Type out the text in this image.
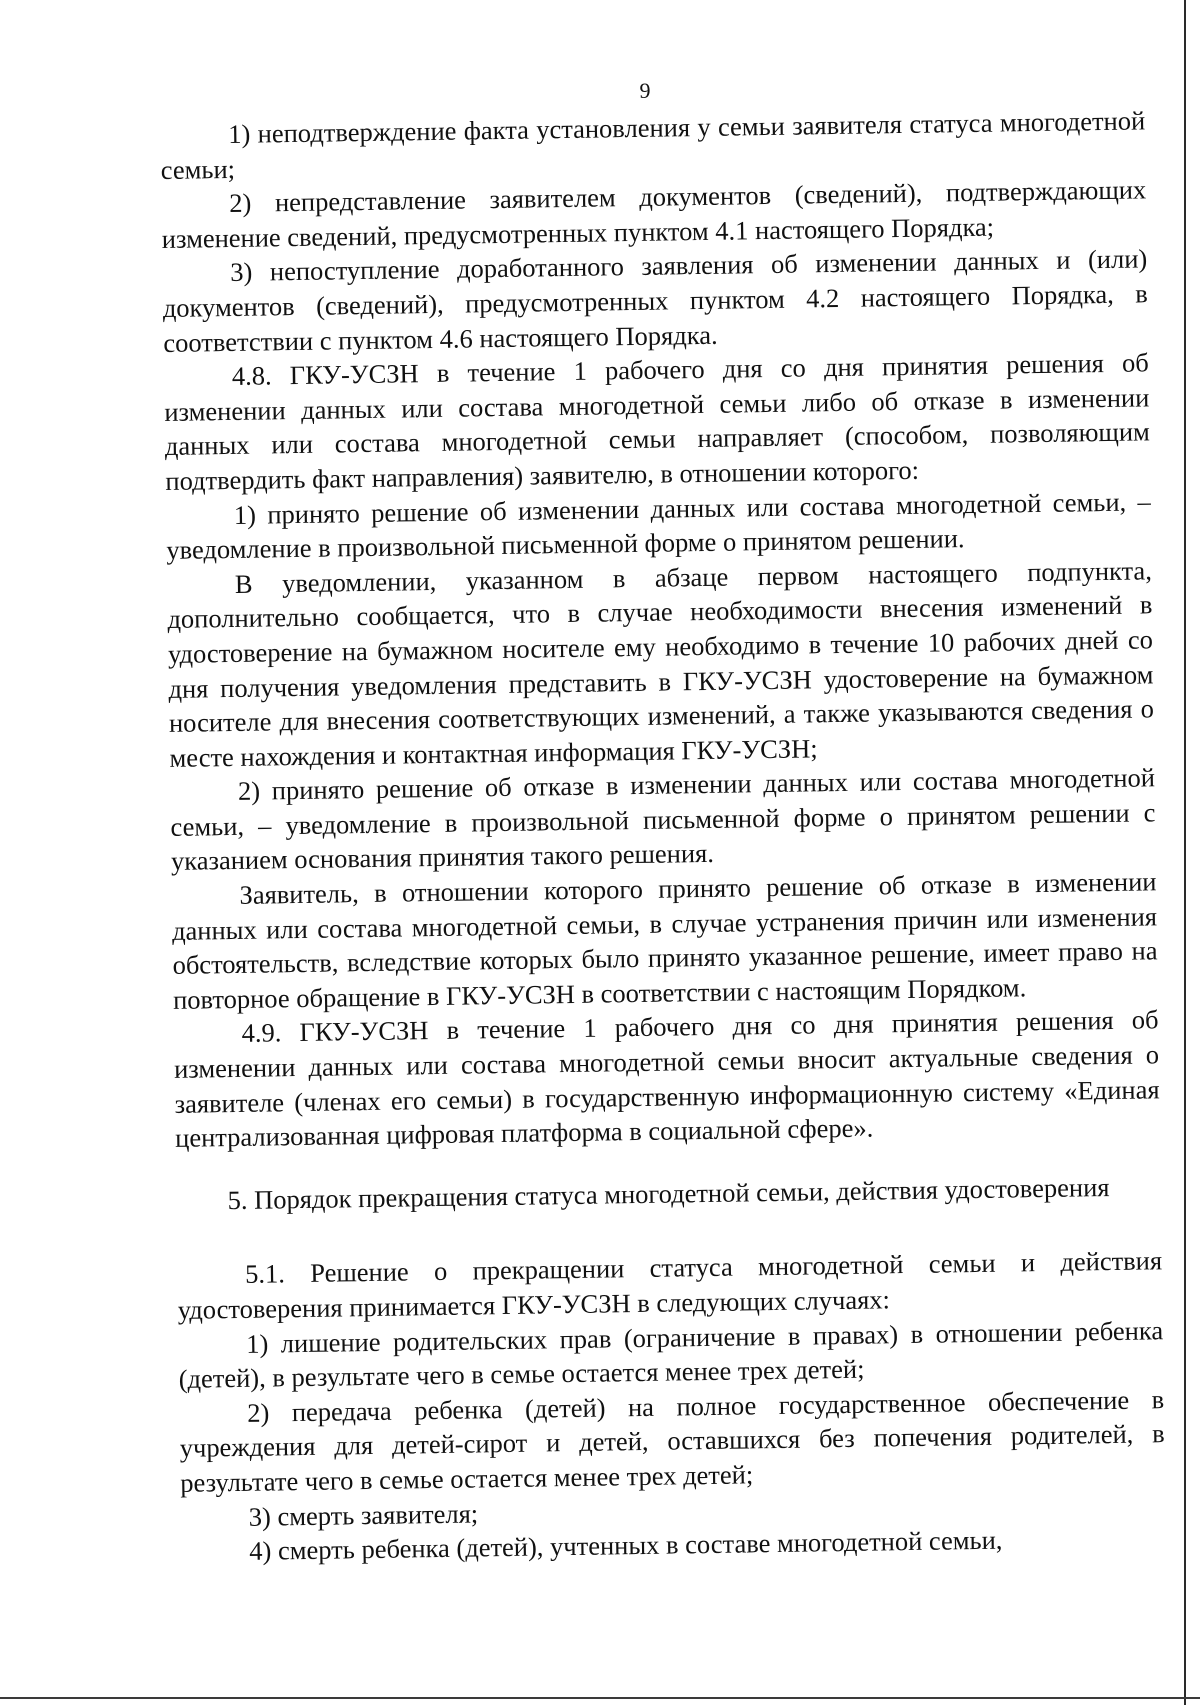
9

1) неподтверждение факта установления у семьи заявителя статуса многодетной семьи;

2) непредставление заявителем документов (сведений), подтверждающих изменение сведений, предусмотренных пунктом 4.1 настоящего Порядка;

3) непоступление доработанного заявления об изменении данных и (или) документов (сведений), предусмотренных пунктом 4.2 настоящего Порядка, в соответствии с пунктом 4.6 настоящего Порядка.

4.8. ГКУ-УСЗН в течение 1 рабочего дня со дня принятия решения об изменении данных или состава многодетной семьи либо об отказе в изменении данных или состава многодетной семьи направляет (способом, позволяющим подтвердить факт направления) заявителю, в отношении которого:

1) принято решение об изменении данных или состава многодетной семьи, – уведомление в произвольной письменной форме о принятом решении.

В уведомлении, указанном в абзаце первом настоящего подпункта, дополнительно сообщается, что в случае необходимости внесения изменений в удостоверение на бумажном носителе ему необходимо в течение 10 рабочих дней со дня получения уведомления представить в ГКУ-УСЗН удостоверение на бумажном носителе для внесения соответствующих изменений, а также указываются сведения о месте нахождения и контактная информация ГКУ-УСЗН;

2) принято решение об отказе в изменении данных или состава многодетной семьи, – уведомление в произвольной письменной форме о принятом решении с указанием основания принятия такого решения.

Заявитель, в отношении которого принято решение об отказе в изменении данных или состава многодетной семьи, в случае устранения причин или изменения обстоятельств, вследствие которых было принято указанное решение, имеет право на повторное обращение в ГКУ-УСЗН в соответствии с настоящим Порядком.

4.9. ГКУ-УСЗН в течение 1 рабочего дня со дня принятия решения об изменении данных или состава многодетной семьи вносит актуальные сведения о заявителе (членах его семьи) в государственную информационную систему «Единая централизованная цифровая платформа в социальной сфере».

5. Порядок прекращения статуса многодетной семьи, действия удостоверения

5.1. Решение о прекращении статуса многодетной семьи и действия удостоверения принимается ГКУ-УСЗН в следующих случаях:

1) лишение родительских прав (ограничение в правах) в отношении ребенка (детей), в результате чего в семье остается менее трех детей;

2) передача ребенка (детей) на полное государственное обеспечение в учреждения для детей-сирот и детей, оставшихся без попечения родителей, в результате чего в семье остается менее трех детей;

3) смерть заявителя;

4) смерть ребенка (детей), учтенных в составе многодетной семьи,
